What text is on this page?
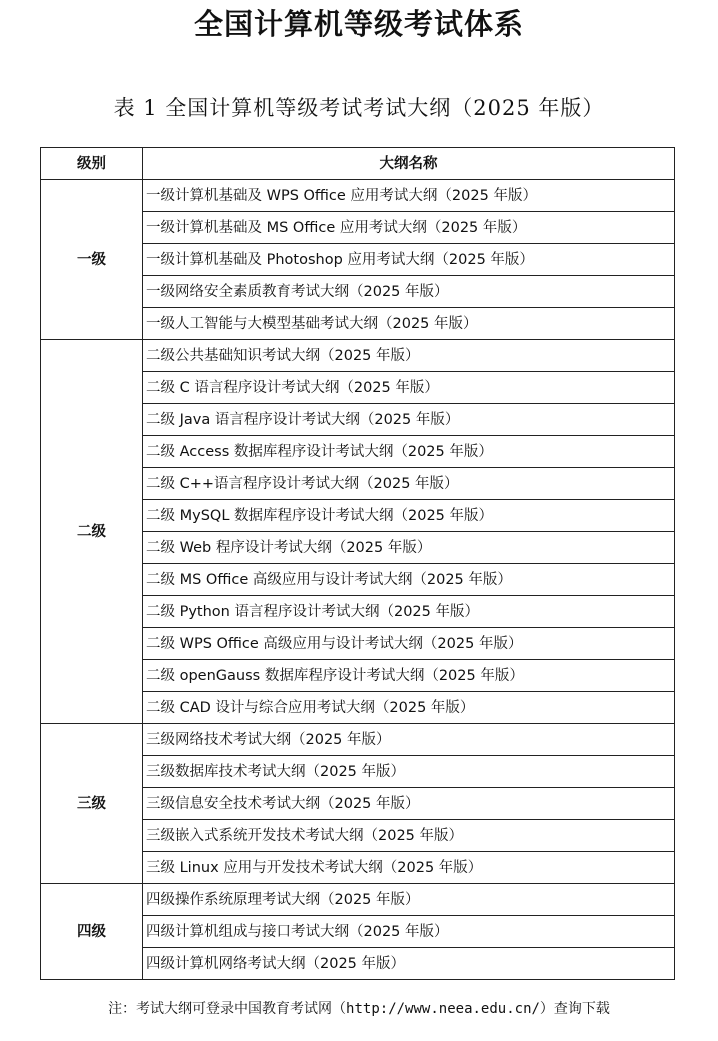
全国计算机等级考试体系
表 1 全国计算机等级考试考试大纲（2025 年版）
级别	大纲名称
一级	一级计算机基础及 WPS Office 应用考试大纲（2025 年版）
	一级计算机基础及 MS Office 应用考试大纲（2025 年版）
	一级计算机基础及 Photoshop 应用考试大纲（2025 年版）
	一级网络安全素质教育考试大纲（2025 年版）
	一级人工智能与大模型基础考试大纲（2025 年版）
二级	二级公共基础知识考试大纲（2025 年版）
	二级 C 语言程序设计考试大纲（2025 年版）
	二级 Java 语言程序设计考试大纲（2025 年版）
	二级 Access 数据库程序设计考试大纲（2025 年版）
	二级 C++语言程序设计考试大纲（2025 年版）
	二级 MySQL 数据库程序设计考试大纲（2025 年版）
	二级 Web 程序设计考试大纲（2025 年版）
	二级 MS Office 高级应用与设计考试大纲（2025 年版）
	二级 Python 语言程序设计考试大纲（2025 年版）
	二级 WPS Office 高级应用与设计考试大纲（2025 年版）
	二级 openGauss 数据库程序设计考试大纲（2025 年版）
	二级 CAD 设计与综合应用考试大纲（2025 年版）
三级	三级网络技术考试大纲（2025 年版）
	三级数据库技术考试大纲（2025 年版）
	三级信息安全技术考试大纲（2025 年版）
	三级嵌入式系统开发技术考试大纲（2025 年版）
	三级 Linux 应用与开发技术考试大纲（2025 年版）
四级	四级操作系统原理考试大纲（2025 年版）
	四级计算机组成与接口考试大纲（2025 年版）
	四级计算机网络考试大纲（2025 年版）
注：考试大纲可登录中国教育考试网（http://www.neea.edu.cn/）查询下载
